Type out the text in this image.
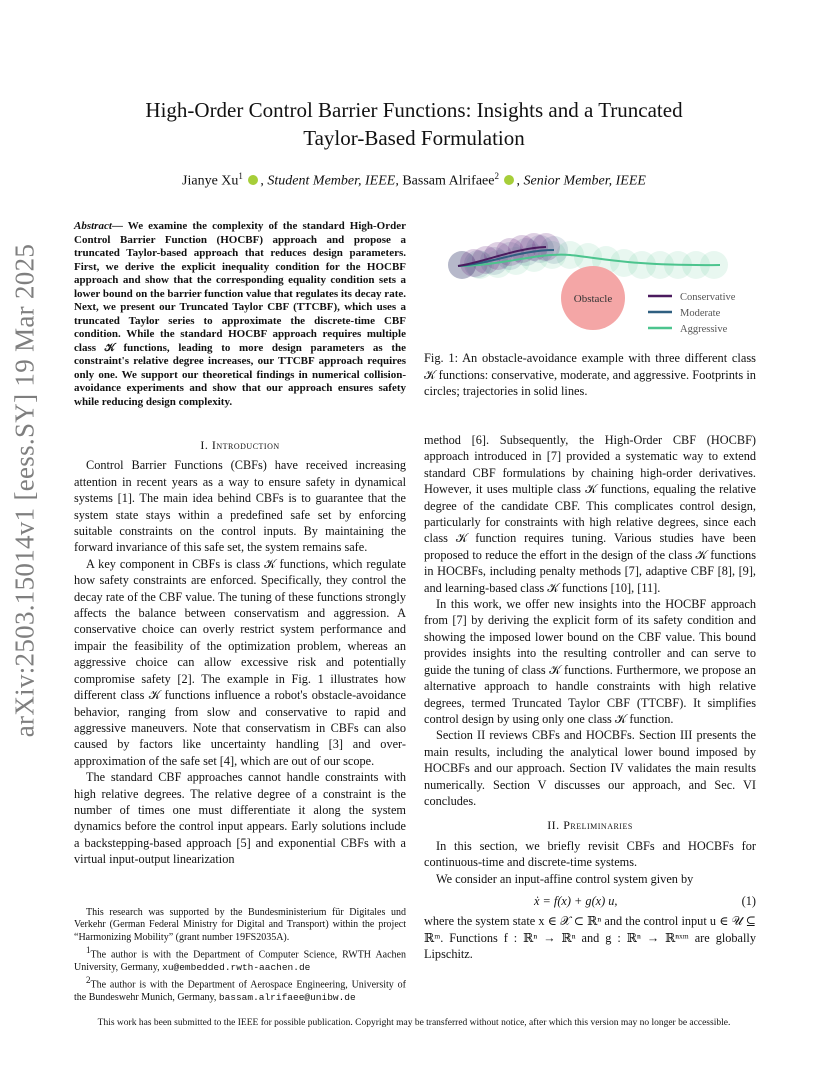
arXiv:2503.15014v1 [eess.SY] 19 Mar 2025
High-Order Control Barrier Functions: Insights and a Truncated
Taylor-Based Formulation
Jianye Xu$^1$ , Student Member, IEEE, Bassam Alrifaee$^2$ , Senior Member, IEEE
Abstract— We examine the complexity of the standard High-Order Control Barrier Function (HOCBF) approach and propose a truncated Taylor-based approach that reduces design parameters. First, we derive the explicit inequality condition for the HOCBF approach and show that the corresponding equality condition sets a lower bound on the barrier function value that regulates its decay rate. Next, we present our Truncated Taylor CBF (TTCBF), which uses a truncated Taylor series to approximate the discrete-time CBF condition. While the standard HOCBF approach requires multiple class 𝒦 functions, leading to more design parameters as the constraint's relative degree increases, our TTCBF approach requires only one. We support our theoretical findings in numerical collision-avoidance experiments and show that our approach ensures safety while reducing design complexity.
I. Introduction

Control Barrier Functions (CBFs) have received increasing attention in recent years as a way to ensure safety in dynamical systems [1]. The main idea behind CBFs is to guarantee that the system state stays within a predefined safe set by enforcing suitable constraints on the control inputs. By maintaining the forward invariance of this safe set, the system remains safe.

A key component in CBFs is class 𝒦 functions, which regulate how safety constraints are enforced. Specifically, they control the decay rate of the CBF value. The tuning of these functions strongly affects the balance between conservatism and aggression. A conservative choice can overly restrict system performance and impair the feasibility of the optimization problem, whereas an aggressive choice can allow excessive risk and potentially compromise safety [2]. The example in Fig. 1 illustrates how different class 𝒦 functions influence a robot's obstacle-avoidance behavior, ranging from slow and conservative to rapid and aggressive maneuvers. Note that conservatism in CBFs can also caused by factors like uncertainty handling [3] and over-approximation of the safe set [4], which are out of our scope.

The standard CBF approaches cannot handle constraints with high relative degrees. The relative degree of a constraint is the number of times one must differentiate it along the system dynamics before the control input appears. Early solutions include a backstepping-based approach [5] and exponential CBFs with a virtual input-output linearization

This research was supported by the Bundesministerium für Digitales und Verkehr (German Federal Ministry for Digital and Transport) within the project “Harmonizing Mobility” (grant number 19FS2035A).

$^1$The author is with the Department of Computer Science, RWTH Aachen University, Germany, xu@embedded.rwth-aachen.de

$^2$The author is with the Department of Aerospace Engineering, University of the Bundeswehr Munich, Germany, bassam.alrifaee@unibw.de

Obstacle	Conservative
Moderate
Aggressive
Fig. 1: An obstacle-avoidance example with three different class 𝒦 functions: conservative, moderate, and aggressive. Footprints in circles; trajectories in solid lines.

method [6]. Subsequently, the High-Order CBF (HOCBF) approach introduced in [7] provided a systematic way to extend standard CBF formulations by chaining high-order derivatives. However, it uses multiple class 𝒦 functions, equaling the relative degree of the candidate CBF. This complicates control design, particularly for constraints with high relative degrees, since each class 𝒦 function requires tuning. Various studies have been proposed to reduce the effort in the design of the class 𝒦 functions in HOCBFs, including penalty methods [7], adaptive CBF [8], [9], and learning-based class 𝒦 functions [10], [11].

In this work, we offer new insights into the HOCBF approach from [7] by deriving the explicit form of its safety condition and showing the imposed lower bound on the CBF value. This bound provides insights into the resulting controller and can serve to guide the tuning of class 𝒦 functions. Furthermore, we propose an alternative approach to handle constraints with high relative degrees, termed Truncated Taylor CBF (TTCBF). It simplifies control design by using only one class 𝒦 function.

Section II reviews CBFs and HOCBFs. Section III presents the main results, including the analytical lower bound imposed by HOCBFs and our approach. Section IV validates the main results numerically. Section V discusses our approach, and Sec. VI concludes.

II. Preliminaries

In this section, we briefly revisit CBFs and HOCBFs for continuous-time and discrete-time systems.

We consider an input-affine control system given by

ẋ = f(x) + g(x) u,	(1)

where the system state x ∈ 𝒳 ⊂ ℝⁿ and the control input u ∈ 𝒰 ⊆ ℝᵐ. Functions f : ℝⁿ → ℝⁿ and g : ℝⁿ → ℝⁿˣᵐ are globally Lipschitz.

This work has been submitted to the IEEE for possible publication. Copyright may be transferred without notice, after which this version may no longer be accessible.
